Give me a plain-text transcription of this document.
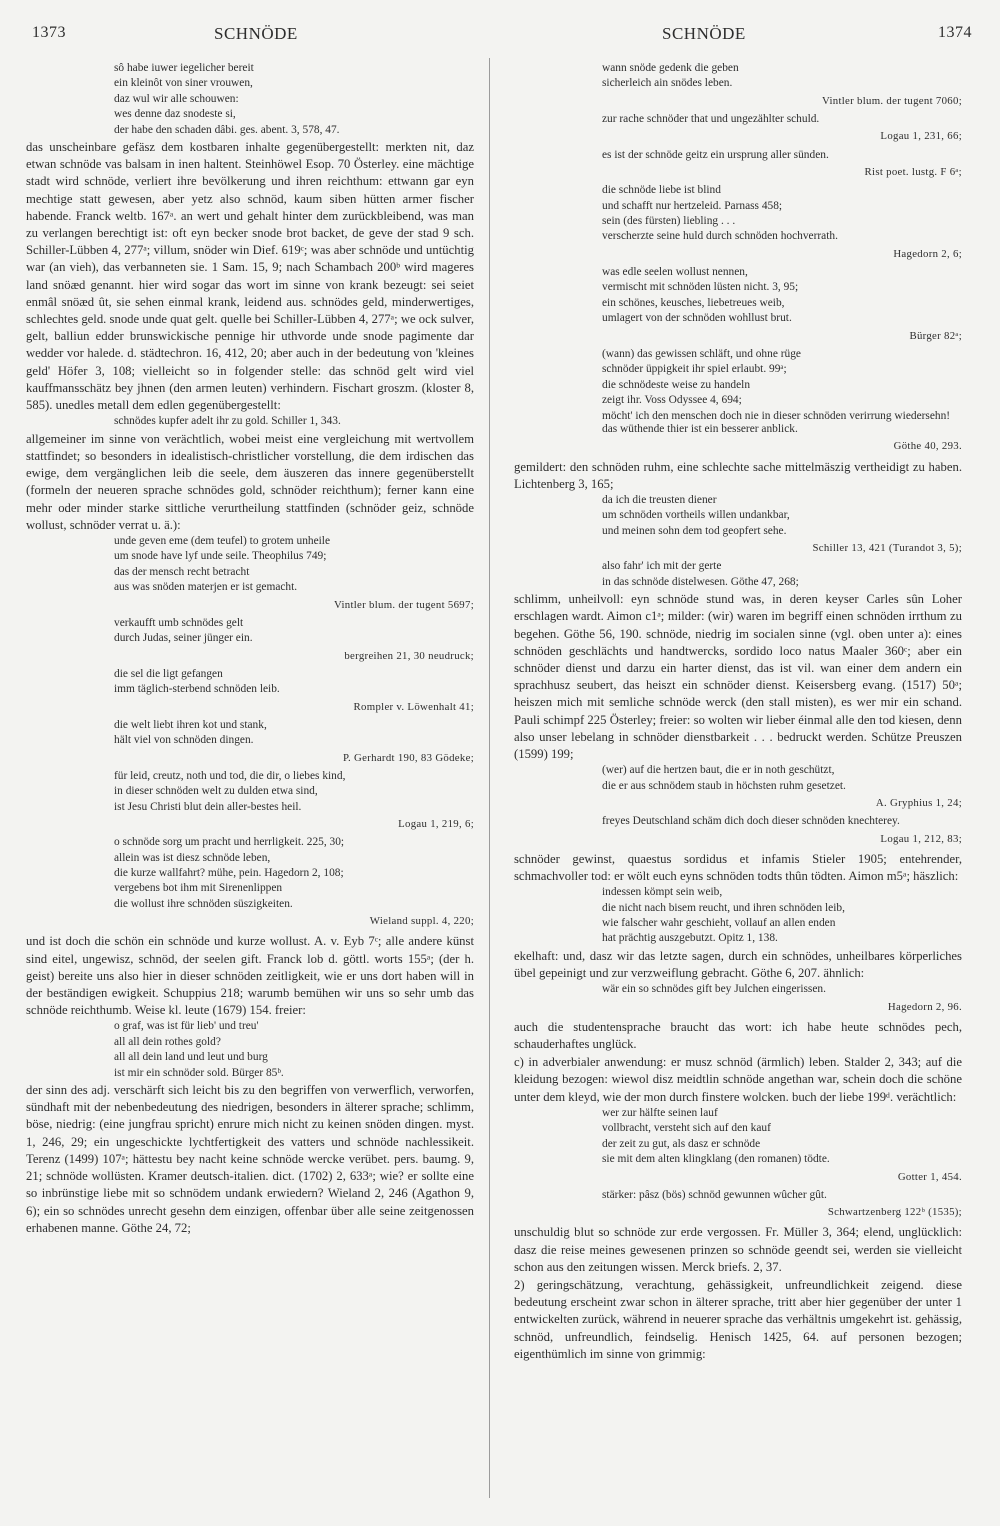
1373	SCHNÖDE	SCHNÖDE	1374
sô habe iuwer iegelicher bereit
ein kleinôt von siner vrouwen,
daz wul wir alle schouwen:
wes denne daz snodeste si,
der habe den schaden dâbi. ges. abent. 3, 578, 47.
das unscheinbare gefäsz dem kostbaren inhalte gegenübergestellt: merkten nit, daz etwan schnöde vas balsam in inen haltent. Steinhöwel Esop. 70 Österley. eine mächtige stadt wird schnöde, verliert ihre bevölkerung und ihren reichthum: ettwann gar eyn mechtige statt gewesen, aber yetz also schnöd, kaum siben hütten armer fischer habende. Franck weltb. 167ᵃ. an wert und gehalt hinter dem zurückbleibend, was man zu verlangen berechtigt ist: oft eyn becker snode brot backet, de geve der stad 9 sch. Schiller-Lübben 4, 277ᵃ; villum, snöder win Dief. 619ᶜ; was aber schnöde und untüchtig war (an vieh), das verbanneten sie. 1 Sam. 15, 9; nach Schambach 200ᵇ wird mageres land snöæd genannt. hier wird sogar das wort im sinne von krank bezeugt: sei seiet enmâl snöæd ût, sie sehen einmal krank, leidend aus. schnödes geld, minderwertiges, schlechtes geld. snode unde quat gelt. quelle bei Schiller-Lübben 4, 277ᵃ; we ock sulver, gelt, balliun edder brunswickische pennige hir uthvorde unde snode pagimente dar wedder vor halede. d. städtechron. 16, 412, 20; aber auch in der bedeutung von 'kleines geld' Höfer 3, 108; vielleicht so in folgender stelle: das schnöd gelt wird viel kauffmansschätz bey jhnen (den armen leuten) verhindern. Fischart groszm. (kloster 8, 585). unedles metall dem edlen gegenübergestellt:
schnödes kupfer adelt ihr zu gold. Schiller 1, 343.
allgemeiner im sinne von verächtlich, wobei meist eine vergleichung mit wertvollem stattfindet; so besonders in idealistisch-christlicher vorstellung, die dem irdischen das ewige, dem vergänglichen leib die seele, dem äuszeren das innere gegenüberstellt (formeln der neueren sprache schnödes gold, schnöder reichthum); ferner kann eine mehr oder minder starke sittliche verurtheilung stattfinden (schnöder geiz, schnöde wollust, schnöder verrat u. ä.):
unde geven eme (dem teufel) to grotem unheile
um snode have lyf unde seile. Theophilus 749;
das der mensch recht betracht
aus was snöden materjen er ist gemacht.
Vintler blum. der tugent 5697;
verkaufft umb schnödes gelt
durch Judas, seiner jünger ein.
bergreihen 21, 30 neudruck;
die sel die ligt gefangen
imm täglich-sterbend schnöden leib.
Rompler v. Löwenhalt 41;
die welt liebt ihren kot und stank,
hält viel von schnöden dingen.
P. Gerhardt 190, 83 Gödeke;
für leid, creutz, noth und tod, die dir, o liebes kind,
in dieser schnöden welt zu dulden etwa sind,
ist Jesu Christi blut dein aller-bestes heil.
Logau 1, 219, 6;
o schnöde sorg um pracht und herrligkeit. 225, 30;
allein was ist diesz schnöde leben,
die kurze wallfahrt? mühe, pein. Hagedorn 2, 108;
vergebens bot ihm mit Sirenenlippen
die wollust ihre schnöden süszigkeiten.
Wieland suppl. 4, 220;
und ist doch die schön ein schnöde und kurze wollust. A. v. Eyb 7ᶜ; alle andere künst sind eitel, ungewisz, schnöd, der seelen gift. Franck lob d. göttl. worts 155ᵃ; (der h. geist) bereite uns also hier in dieser schnöden zeitligkeit, wie er uns dort haben will in der beständigen ewigkeit. Schuppius 218; warumb bemühen wir uns so sehr umb das schnöde reichthumb. Weise kl. leute (1679) 154. freier:
o graf, was ist für lieb' und treu'
all all dein rothes gold?
all all dein land und leut und burg
ist mir ein schnöder sold. Bürger 85ᵇ.
der sinn des adj. verschärft sich leicht bis zu den begriffen von verwerflich, verworfen, sündhaft mit der nebenbedeutung des niedrigen, besonders in älterer sprache; schlimm, böse, niedrig: (eine jungfrau spricht) enrure mich nicht zu keinen snöden dingen. myst. 1, 246, 29; ein ungeschickte lychtfertigkeit des vatters und schnöde nachlessikeit. Terenz (1499) 107ᵃ; hättestu bey nacht keine schnöde wercke verübet. pers. baumg. 9, 21; schnöde wollüsten. Kramer deutsch-italien. dict. (1702) 2, 633ᵃ; wie? er sollte eine so inbrünstige liebe mit so schnödem undank erwiedern? Wieland 2, 246 (Agathon 9, 6); ein so schnödes unrecht gesehn dem einzigen, offenbar über alle seine zeitgenossen erhabenen manne. Göthe 24, 72;
wann snöde gedenk die geben
sicherleich ain snödes leben.
Vintler blum. der tugent 7060;
zur rache schnöder that und ungezählter schuld.
Logau 1, 231, 66;
es ist der schnöde geitz ein ursprung aller sünden.
Rist poet. lustg. F 6ᵃ;
die schnöde liebe ist blind
und schafft nur hertzeleid. Parnass 458;
sein (des fürsten) liebling . . .
verscherzte seine huld durch schnöden hochverrath.
Hagedorn 2, 6;
was edle seelen wollust nennen,
vermischt mit schnöden lüsten nicht. 3, 95;
ein schönes, keusches, liebetreues weib,
umlagert von der schnöden wohllust brut.
Bürger 82ᵃ;
(wann) das gewissen schläft, und ohne rüge
schnöder üppigkeit ihr spiel erlaubt. 99ᵃ;
die schnödeste weise zu handeln
zeigt ihr. Voss Odyssee 4, 694;
möcht' ich den menschen doch nie in dieser schnöden verirrung wiedersehn! das wüthende thier ist ein besserer anblick.
Göthe 40, 293.
gemildert: den schnöden ruhm, eine schlechte sache mittelmäszig vertheidigt zu haben. Lichtenberg 3, 165;
da ich die treusten diener
um schnöden vortheils willen undankbar,
und meinen sohn dem tod geopfert sehe.
Schiller 13, 421 (Turandot 3, 5);
also fahr' ich mit der gerte
in das schnöde distelwesen. Göthe 47, 268;
schlimm, unheilvoll: eyn schnöde stund was, in deren keyser Carles sûn Loher erschlagen wardt. Aimon c1ᵃ; milder: (wir) waren im begriff einen schnöden irrthum zu begehen. Göthe 56, 190. schnöde, niedrig im socialen sinne (vgl. oben unter a): eines schnöden geschlächts und handtwercks, sordido loco natus Maaler 360ᶜ; aber ein schnöder dienst und darzu ein harter dienst, das ist vil. wan einer dem andern ein sprachhusz seubert, das heiszt ein schnöder dienst. Keisersberg evang. (1517) 50ᵃ; heiszen mich mit semliche schnöde werck (den stall misten), es wer mir ein schand. Pauli schimpf 225 Österley; freier: so wolten wir lieber éinmal alle den tod kiesen, denn also unser lebelang in schnöder dienstbarkeit . . . bedruckt werden. Schütze Preuszen (1599) 199;
(wer) auf die hertzen baut, die er in noth geschützt,
die er aus schnödem staub in höchsten ruhm gesetzet.
A. Gryphius 1, 24;
freyes Deutschland schäm dich doch dieser schnöden knechterey.
Logau 1, 212, 83;
schnöder gewinst, quaestus sordidus et infamis Stieler 1905; entehrender, schmachvoller tod: er wölt euch eyns schnöden todts thûn tödten. Aimon m5ᵃ; häszlich:
indessen kömpt sein weib,
die nicht nach bisem reucht, und ihren schnöden leib,
wie falscher wahr geschieht, vollauf an allen enden
hat prächtig auszgebutzt. Opitz 1, 138.
ekelhaft: und, dasz wir das letzte sagen, durch ein schnödes, unheilbares körperliches übel gepeinigt und zur verzweiflung gebracht. Göthe 6, 207. ähnlich:
wär ein so schnödes gift bey Julchen eingerissen.
Hagedorn 2, 96.
auch die studentensprache braucht das wort: ich habe heute schnödes pech, schauderhaftes unglück.
c) in adverbialer anwendung: er musz schnöd (ärmlich) leben. Stalder 2, 343; auf die kleidung bezogen: wiewol disz meidtlin schnöde angethan war, schein doch die schöne unter dem kleyd, wie der mon durch finstere wolcken. buch der liebe 199ᵈ. verächtlich:
wer zur hälfte seinen lauf
vollbracht, versteht sich auf den kauf
der zeit zu gut, als dasz er schnöde
sie mit dem alten klingklang (den romanen) tödte.
Gotter 1, 454.
stärker: pâsz (bös) schnöd gewunnen wûcher gût.
Schwartzenberg 122ᵇ (1535);
unschuldig blut so schnöde zur erde vergossen. Fr. Müller 3, 364; elend, unglücklich: dasz die reise meines gewesenen prinzen so schnöde geendt sei, werden sie vielleicht schon aus den zeitungen wissen. Merck briefs. 2, 37.
2) geringschätzung, verachtung, gehässigkeit, unfreundlichkeit zeigend. diese bedeutung erscheint zwar schon in älterer sprache, tritt aber hier gegenüber der unter 1 entwickelten zurück, während in neuerer sprache das verhältnis umgekehrt ist. gehässig, schnöd, unfreundlich, feindselig. Henisch 1425, 64. auf personen bezogen; eigenthümlich im sinne von grimmig:
